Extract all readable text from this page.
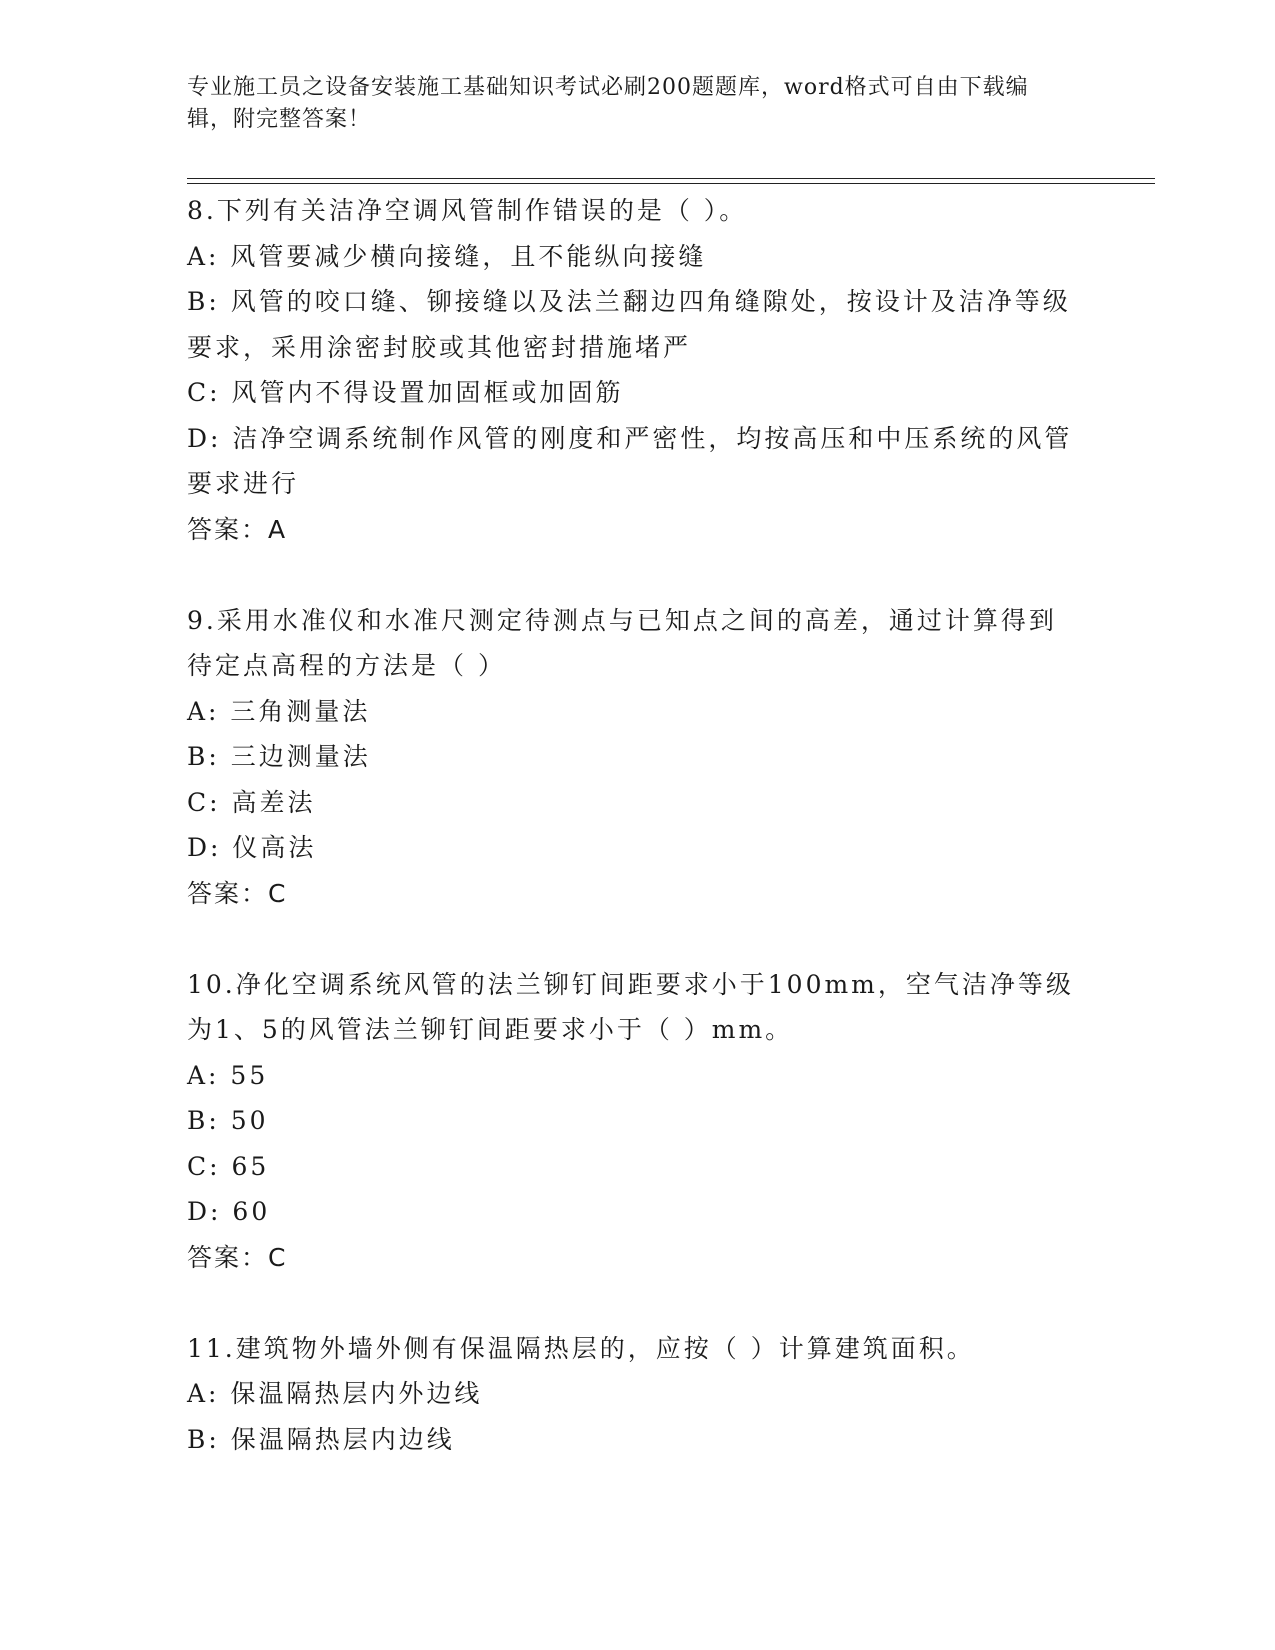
专业施工员之设备安装施工基础知识考试必刷200题题库，word格式可自由下载编辑，附完整答案！

8.下列有关洁净空调风管制作错误的是（ ）。

A: 风管要减少横向接缝，且不能纵向接缝

B: 风管的咬口缝、铆接缝以及法兰翻边四角缝隙处，按设计及洁净等级要求，采用涂密封胶或其他密封措施堵严

C: 风管内不得设置加固框或加固筋

D: 洁净空调系统制作风管的刚度和严密性，均按高压和中压系统的风管要求进行

答案：A

9.采用水准仪和水准尺测定待测点与已知点之间的高差，通过计算得到待定点高程的方法是（ ）

A: 三角测量法

B: 三边测量法

C: 高差法

D: 仪高法

答案：C

10.净化空调系统风管的法兰铆钉间距要求小于100mm，空气洁净等级为1、5的风管法兰铆钉间距要求小于（ ）mm。

A: 55

B: 50

C: 65

D: 60

答案：C

11.建筑物外墙外侧有保温隔热层的，应按（ ）计算建筑面积。

A: 保温隔热层内外边线

B: 保温隔热层内边线
